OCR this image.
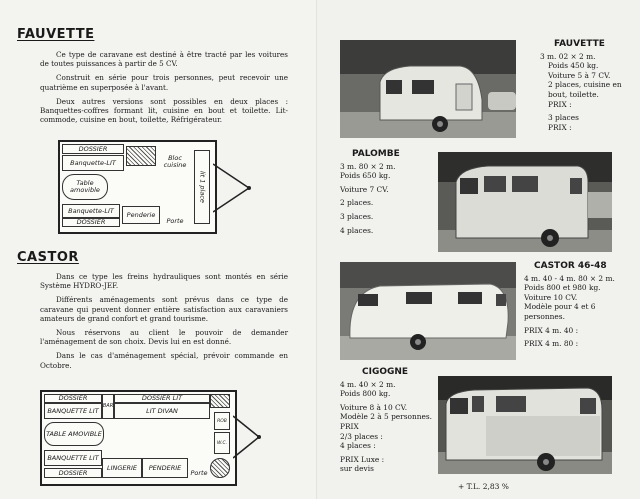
FAUVETTE

Ce type de caravane est destiné à être tracté par les voitures de toutes puissances à partir de 5 CV.

Construit en série pour trois personnes, peut recevoir une quatrième en superposée à l'avant.

Deux autres versions sont possibles en deux places : Banquettes-coffres formant lit, cuisine en bout et toilette. Lit-commode, cuisine en bout, toilette, Réfrigérateur.

DOSSIER
Banquette-LIT
Bloc cuisine
Table amovible	lit 1 place
Banquette-LIT	Penderie
DOSSIER	Porte
CASTOR

Dans ce type les freins hydrauliques sont montés en série Système HYDRO-JEF.

Différents aménagements sont prévus dans ce type de caravane qui peuvent donner entière satisfaction aux caravaniers amateurs de grand confort et grand tourisme.

Nous réservons au client le pouvoir de demander l'aménagement de son choix. Devis lui en est donné.

Dans le cas d'aménagement spécial, prévoir commande en Octobre.

DOSSIER
BANQUETTE LIT
BAR
DOSSIER LIT
LIT DIVAN
TABLE AMOVIBLE
ROB
W.C.
BANQUETTE LIT
DOSSIER
LINGERIE	PENDERIE
Porte
FAUVETTE
3 m. 02 × 2 m.
Poids 450 kg.
Voiture 5 à 7 CV.
2 places, cuisine en bout, toilette.
PRIX :
3 places
PRIX :
PALOMBE
3 m. 80 × 2 m.
Poids 650 kg.
Voiture 7 CV.
2 places.
3 places.
4 places.
CASTOR 46-48
4 m. 40 - 4 m. 80 × 2 m.
Poids 800 et 980 kg.
Voiture 10 CV.
Modèle pour 4 et 6 personnes.
PRIX 4 m. 40 :
PRIX 4 m. 80 :
CIGOGNE
4 m. 40 × 2 m.
Poids 800 kg.
Voiture 8 à 10 CV.
Modèle 2 à 5 personnes.
PRIX
2/3 places :
4 places :
PRIX Luxe :
sur devis
+ T.L. 2,83 %
